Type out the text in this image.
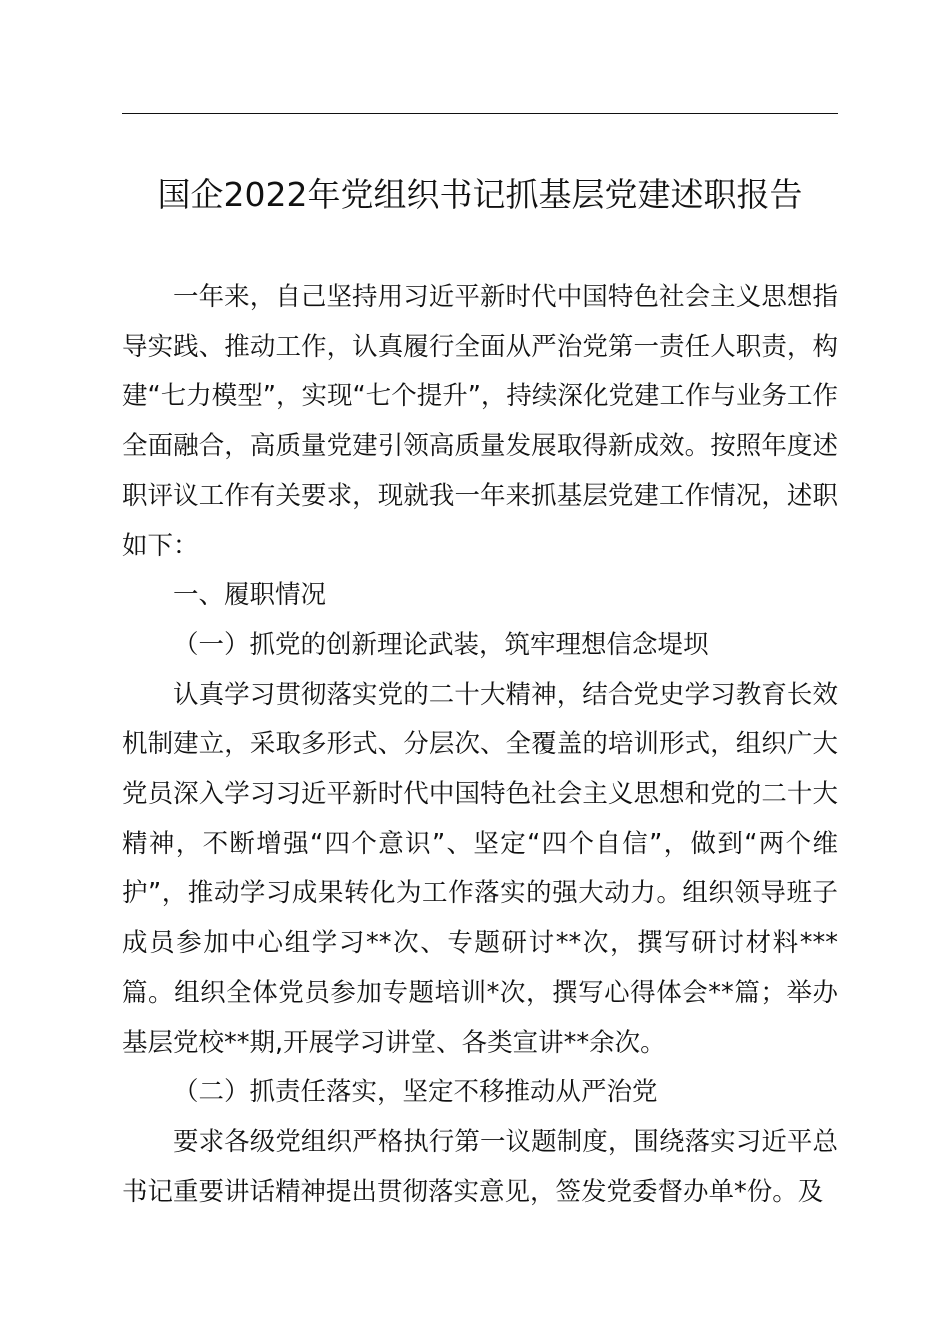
国企2022年党组织书记抓基层党建述职报告

一年来，自己坚持用习近平新时代中国特色社会主义思想指导实践、推动工作，认真履行全面从严治党第一责任人职责，构建“七力模型”，实现“七个提升”，持续深化党建工作与业务工作全面融合，高质量党建引领高质量发展取得新成效。按照年度述职评议工作有关要求，现就我一年来抓基层党建工作情况，述职如下：

一、履职情况

（一）抓党的创新理论武装，筑牢理想信念堤坝

认真学习贯彻落实党的二十大精神，结合党史学习教育长效机制建立，采取多形式、分层次、全覆盖的培训形式，组织广大党员深入学习习近平新时代中国特色社会主义思想和党的二十大精神，不断增强“四个意识”、坚定“四个自信”，做到“两个维护”，推动学习成果转化为工作落实的强大动力。组织领导班子成员参加中心组学习**次、专题研讨**次，撰写研讨材料***篇。组织全体党员参加专题培训*次，撰写心得体会**篇；举办基层党校**期,开展学习讲堂、各类宣讲**余次。

（二）抓责任落实，坚定不移推动从严治党

要求各级党组织严格执行第一议题制度，围绕落实习近平总书记重要讲话精神提出贯彻落实意见，签发党委督办单*份。及
